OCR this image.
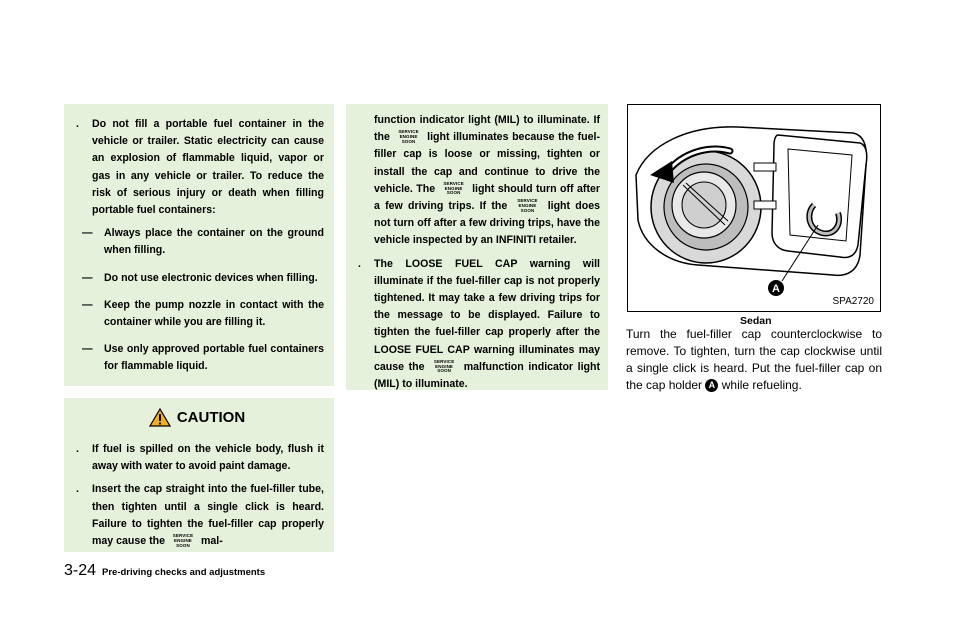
. Do not fill a portable fuel container in the vehicle or trailer. Static electricity can cause an explosion of flammable liquid, vapor or gas in any vehicle or trailer. To reduce the risk of serious injury or death when filling portable fuel containers:

— Always place the container on the ground when filling.

— Do not use electronic devices when filling.

— Keep the pump nozzle in contact with the container while you are filling it.

— Use only approved portable fuel containers for flammable liquid.

CAUTION
. If fuel is spilled on the vehicle body, flush it away with water to avoid paint damage.

. Insert the cap straight into the fuel-filler tube, then tighten until a single click is heard. Failure to tighten the fuel-filler cap properly may cause the	SERVICE
ENGINE
SOON	mal-

function indicator light (MIL) to illuminate. If the	SERVICE
ENGINE
SOON	light illuminates because the fuel-filler cap is loose or missing, tighten or install the cap and continue to drive the vehicle. The	SERVICE
ENGINE
SOON	light should turn off after a few driving trips. If the	SERVICE
ENGINE
SOON	light does not turn off after a few driving trips, have the vehicle inspected by an INFINITI retailer.

. The LOOSE FUEL CAP warning will illuminate if the fuel-filler cap is not properly tightened. It may take a few driving trips for the message to be displayed. Failure to tighten the fuel-filler cap properly after the LOOSE FUEL CAP warning illuminates may cause the	SERVICE
ENGINE
SOON	malfunction indicator light (MIL) to illuminate.

A
SPA2720
Sedan
Turn the fuel-filler cap counterclockwise to remove. To tighten, turn the cap clockwise until a single click is heard. Put the fuel-filler cap on the cap holder A while refueling.
3-24 Pre-driving checks and adjustments
